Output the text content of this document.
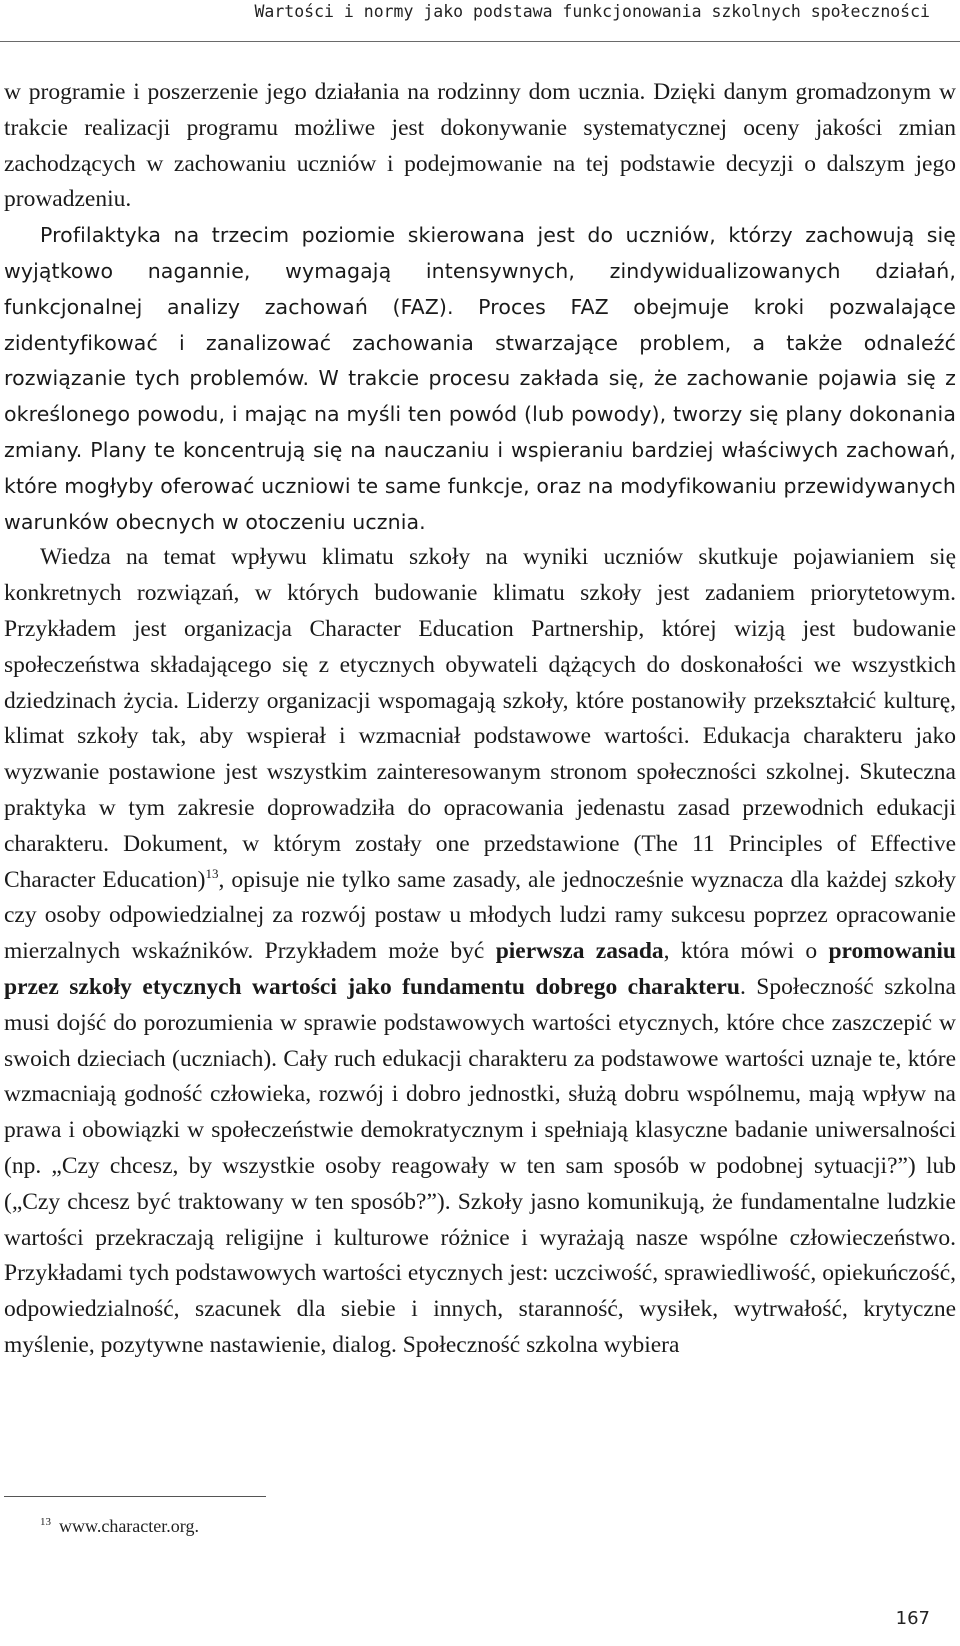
Wartości i normy jako podstawa funkcjonowania szkolnych społeczności

w programie i poszerzenie jego działania na rodzinny dom ucznia. Dzięki danym gromadzonym w trakcie realizacji programu możliwe jest dokonywanie systematycznej oceny jakości zmian zachodzących w zachowaniu uczniów i podejmowanie na tej podstawie decyzji o dalszym jego prowadzeniu.

Profilaktyka na trzecim poziomie skierowana jest do uczniów, którzy zachowują się wyjątkowo nagannie, wymagają intensywnych, zindywidualizowanych działań, funkcjonalnej analizy zachowań (FAZ). Proces FAZ obejmuje kroki pozwalające zidentyfikować i zanalizować zachowania stwarzające problem, a także odnaleźć rozwiązanie tych problemów. W trakcie procesu zakłada się, że zachowanie pojawia się z określonego powodu, i mając na myśli ten powód (lub powody), tworzy się plany dokonania zmiany. Plany te koncentrują się na nauczaniu i wspieraniu bardziej właściwych zachowań, które mogłyby oferować uczniowi te same funkcje, oraz na modyfikowaniu przewidywanych warunków obecnych w otoczeniu ucznia.

Wiedza na temat wpływu klimatu szkoły na wyniki uczniów skutkuje pojawianiem się konkretnych rozwiązań, w których budowanie klimatu szkoły jest zadaniem priorytetowym. Przykładem jest organizacja Character Education Partnership, której wizją jest budowanie społeczeństwa składającego się z etycznych obywateli dążących do doskonałości we wszystkich dziedzinach życia. Liderzy organizacji wspomagają szkoły, które postanowiły przekształcić kulturę, klimat szkoły tak, aby wspierał i wzmacniał podstawowe wartości. Edukacja charakteru jako wyzwanie postawione jest wszystkim zainteresowanym stronom społeczności szkolnej. Skuteczna praktyka w tym zakresie doprowadziła do opracowania jedenastu zasad przewodnich edukacji charakteru. Dokument, w którym zostały one przedstawione (The 11 Principles of Effective Character Education)$^{13}$, opisuje nie tylko same zasady, ale jednocześnie wyznacza dla każdej szkoły czy osoby odpowiedzialnej za rozwój postaw u młodych ludzi ramy sukcesu poprzez opracowanie mierzalnych wskaźników. Przykładem może być pierwsza zasada, która mówi o promowaniu przez szkoły etycznych wartości jako fundamentu dobrego charakteru. Społeczność szkolna musi dojść do porozumienia w sprawie podstawowych wartości etycznych, które chce zaszczepić w swoich dzieciach (uczniach). Cały ruch edukacji charakteru za podstawowe wartości uznaje te, które wzmacniają godność człowieka, rozwój i dobro jednostki, służą dobru wspólnemu, mają wpływ na prawa i obowiązki w społeczeństwie demokratycznym i spełniają klasyczne badanie uniwersalności (np. „Czy chcesz, by wszystkie osoby reagowały w ten sam sposób w podobnej sytuacji?”) lub („Czy chcesz być traktowany w ten sposób?”). Szkoły jasno komunikują, że fundamentalne ludzkie wartości przekraczają religijne i kulturowe różnice i wyrażają nasze wspólne człowieczeństwo. Przykładami tych podstawowych wartości etycznych jest: uczciwość, sprawiedliwość, opiekuńczość, odpowiedzialność, szacunek dla siebie i innych, staranność, wysiłek, wytrwałość, krytyczne myślenie, pozytywne nastawienie, dialog. Społeczność szkolna wybiera

$^{13}$ www.character.org.
167
